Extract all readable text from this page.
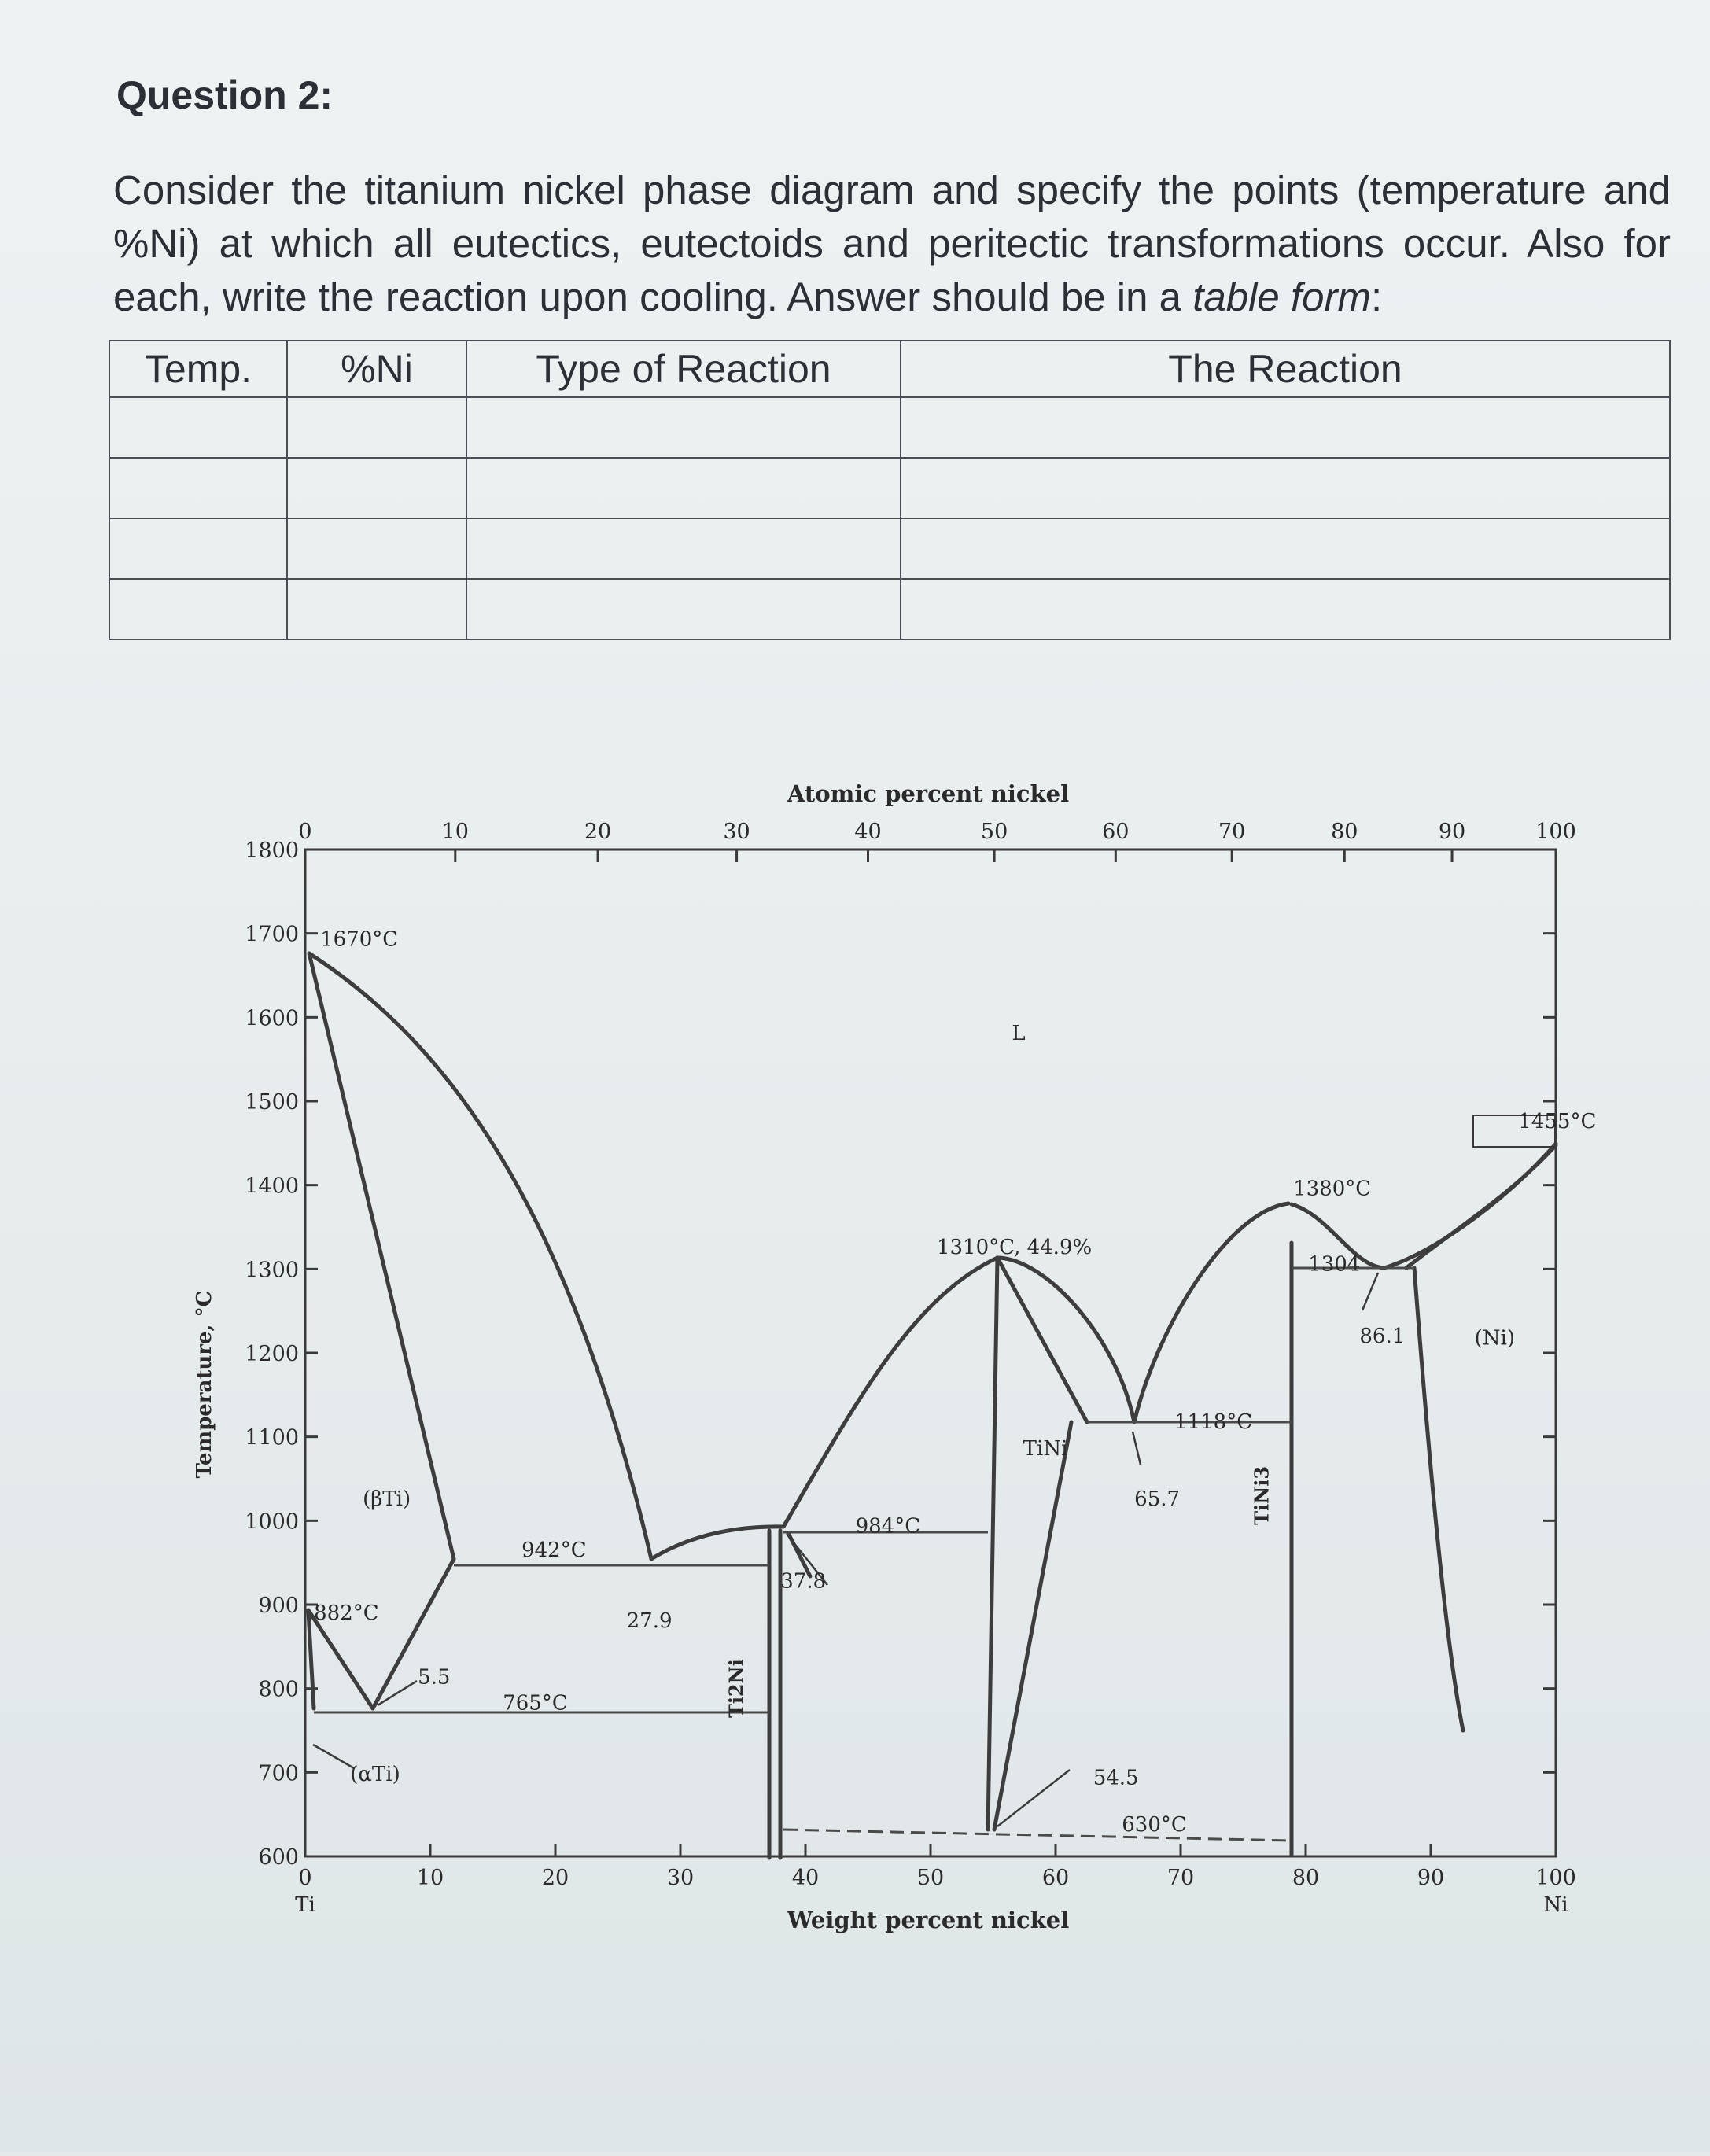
Question 2:

Consider the titanium nickel phase diagram and specify the points (temperature and %Ni) at which all eutectics, eutectoids and peritectic transformations occur. Also for each, write the reaction upon cooling. Answer should be in a table form:

Temp.	%Ni	Type of Reaction	The Reaction

1800
1700
1600
1500
1400
1300
1200
1100
1000
900
800
700
600
0	10	20	30	40	50	60	70	80	90	100
0	10	20	30	40	50	60	70	80	90	100
Ti	Ni
1670°C
L
1455°C
1380°C
1310°C, 44.9%
1304
86.1	(Ni)
1118°C
TiNi
65.7
(βTi)
984°C
942°C
37.8
882°C	27.9
5.5
765°C
(αTi)	54.5
630°C
Ti2Ni
TiNi3
Atomic percent nickel
Weight percent nickel
Temperature, °C
